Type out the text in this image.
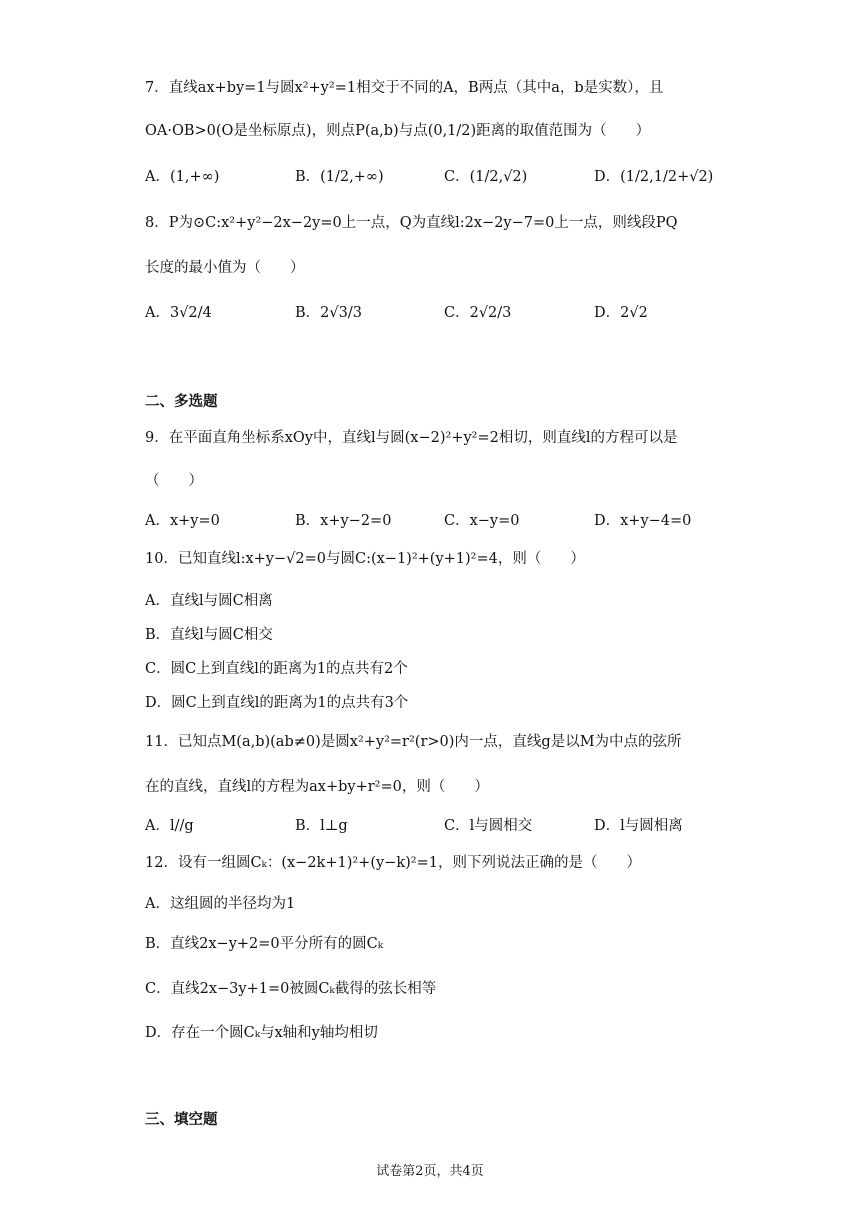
7．直线ax+by=1与圆x²+y²=1相交于不同的A，B两点（其中a，b是实数），且
OA·OB>0(O是坐标原点)，则点P(a,b)与点(0,1/2)距离的取值范围为（　　）
A．(1,+∞)	B．(1/2,+∞)	C．(1/2,√2)	D．(1/2,1/2+√2)
8．P为⊙C:x²+y²−2x−2y=0上一点，Q为直线l:2x−2y−7=0上一点，则线段PQ
长度的最小值为（　　）
A．3√2/4	B．2√3/3	C．2√2/3	D．2√2
二、多选题
9．在平面直角坐标系xOy中，直线l与圆(x−2)²+y²=2相切，则直线l的方程可以是
（　　）
A．x+y=0	B．x+y−2=0	C．x−y=0	D．x+y−4=0
10．已知直线l:x+y−√2=0与圆C:(x−1)²+(y+1)²=4，则（　　）
A．直线l与圆C相离
B．直线l与圆C相交
C．圆C上到直线l的距离为1的点共有2个
D．圆C上到直线l的距离为1的点共有3个
11．已知点M(a,b)(ab≠0)是圆x²+y²=r²(r>0)内一点，直线g是以M为中点的弦所
在的直线，直线l的方程为ax+by+r²=0，则（　　）
A．l//g	B．l⊥g	C．l与圆相交	D．l与圆相离
12．设有一组圆Cₖ：(x−2k+1)²+(y−k)²=1，则下列说法正确的是（　　）
A．这组圆的半径均为1
B．直线2x−y+2=0平分所有的圆Cₖ
C．直线2x−3y+1=0被圆Cₖ截得的弦长相等
D．存在一个圆Cₖ与x轴和y轴均相切
三、填空题
试卷第2页，共4页
